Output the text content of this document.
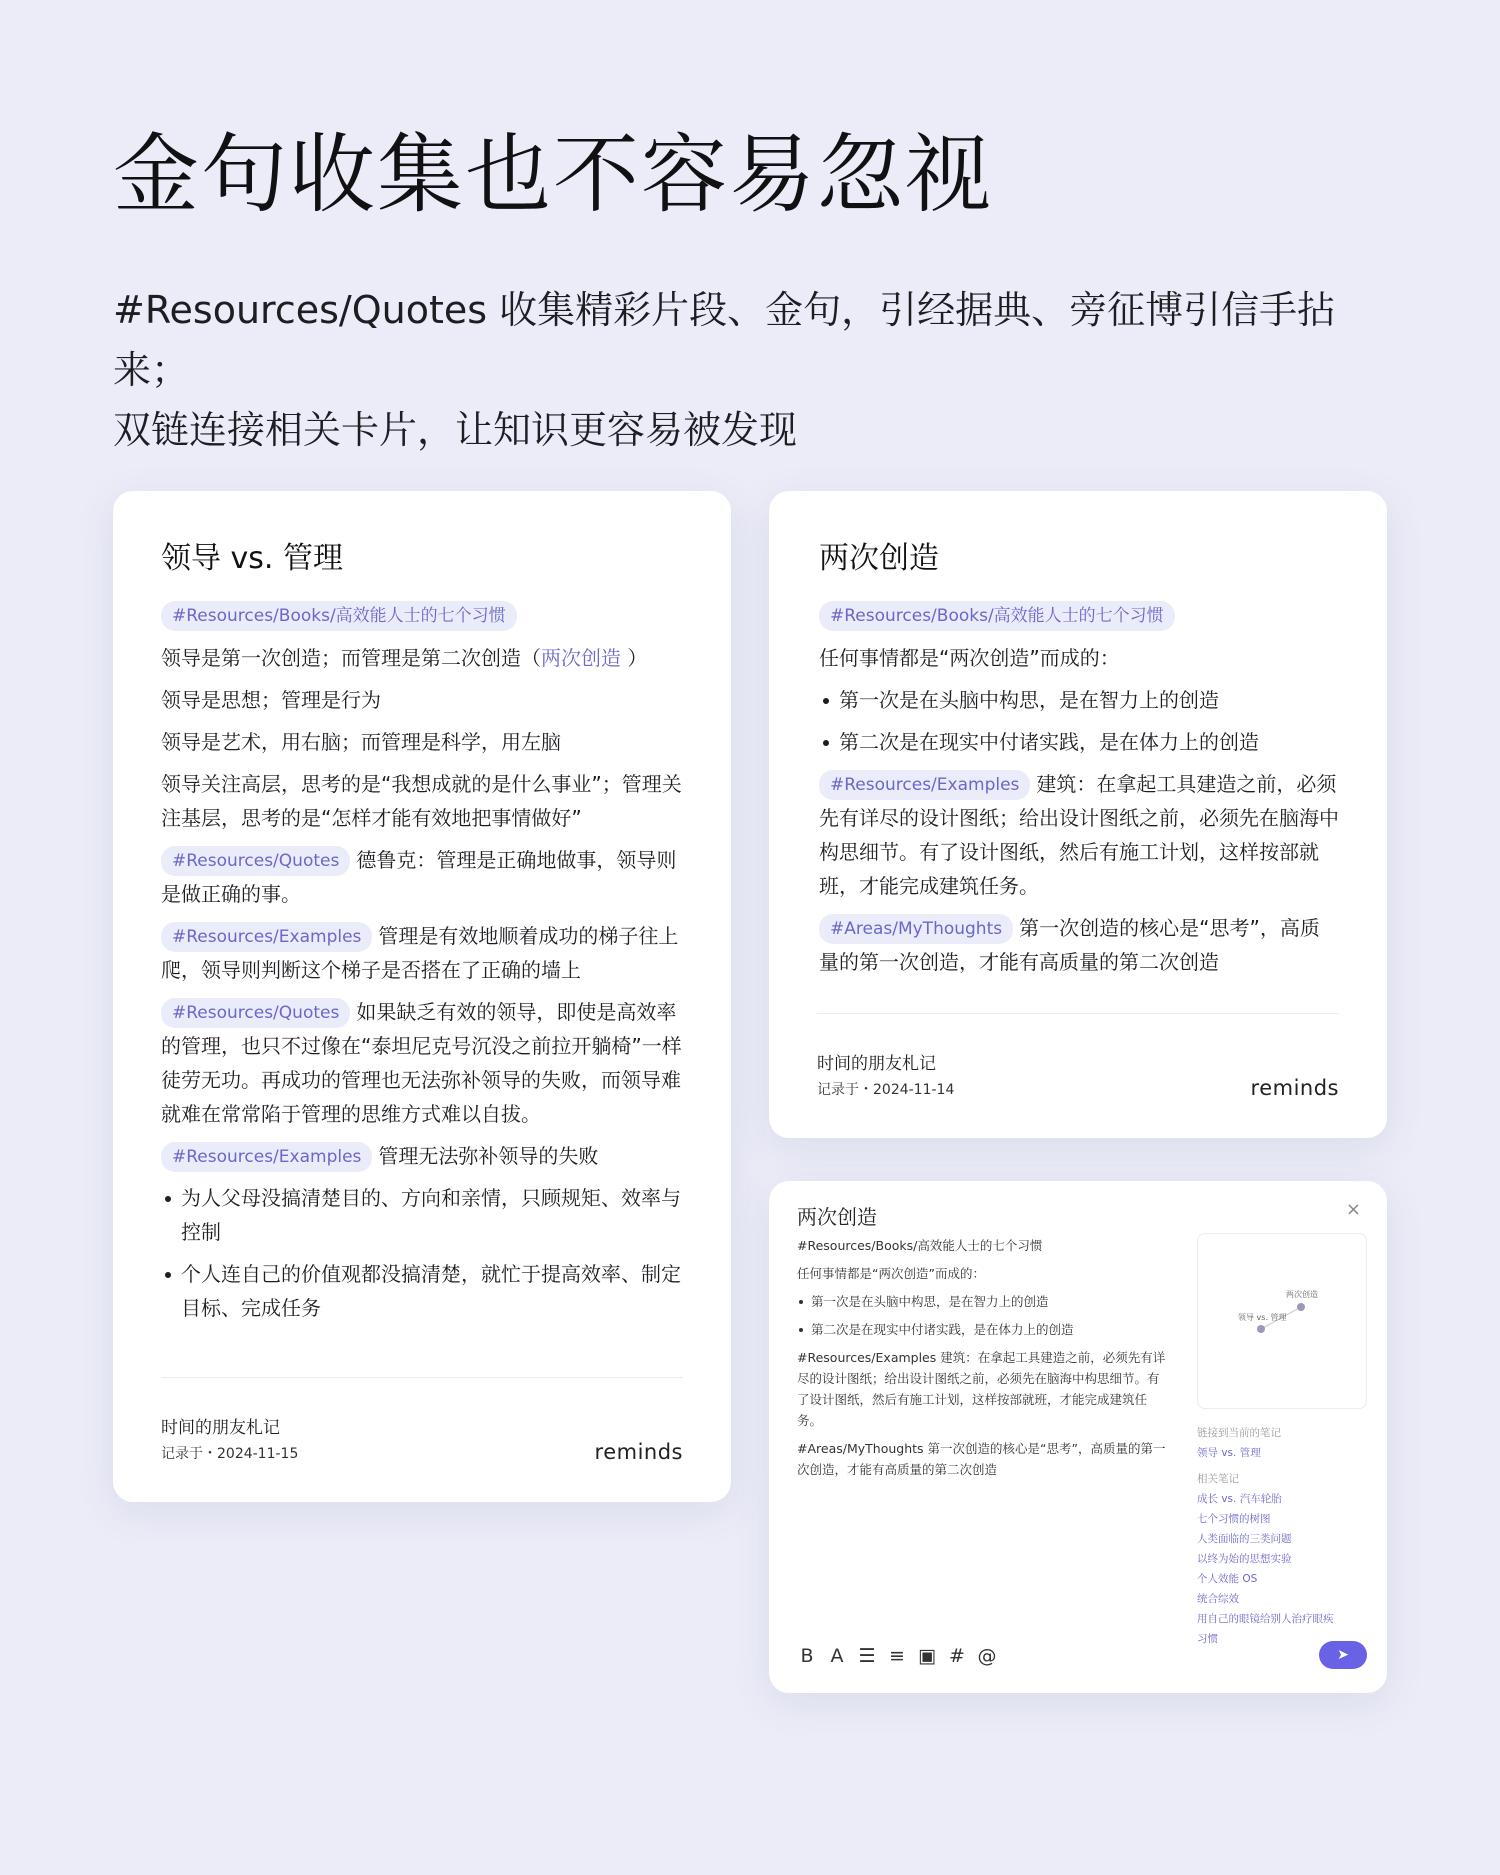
金句收集也不容易忽视
#Resources/Quotes 收集精彩片段、金句，引经据典、旁征博引信手拈来；
双链连接相关卡片，让知识更容易被发现
领导 vs. 管理
#Resources/Books/高效能人士的七个习惯

领导是第一次创造；而管理是第二次创造（两次创造 ）

领导是思想；管理是行为

领导是艺术，用右脑；而管理是科学，用左脑

领导关注高层，思考的是“我想成就的是什么事业”；管理关注基层，思考的是“怎样才能有效地把事情做好”

#Resources/Quotes 德鲁克：管理是正确地做事，领导则是做正确的事。

#Resources/Examples 管理是有效地顺着成功的梯子往上爬，领导则判断这个梯子是否搭在了正确的墙上

#Resources/Quotes 如果缺乏有效的领导，即使是高效率的管理，也只不过像在“泰坦尼克号沉没之前拉开躺椅”一样徒劳无功。再成功的管理也无法弥补领导的失败，而领导难就难在常常陷于管理的思维方式难以自拔。

#Resources/Examples 管理无法弥补领导的失败

为人父母没搞清楚目的、方向和亲情，只顾规矩、效率与控制
个人连自己的价值观都没搞清楚，就忙于提高效率、制定目标、完成任务
时间的朋友札记
记录于・2024-11-15	reminds
两次创造
#Resources/Books/高效能人士的七个习惯

任何事情都是“两次创造”而成的：

第一次是在头脑中构思，是在智力上的创造
第二次是在现实中付诸实践，是在体力上的创造

#Resources/Examples 建筑：在拿起工具建造之前，必须先有详尽的设计图纸；给出设计图纸之前，必须先在脑海中构思细节。有了设计图纸，然后有施工计划，这样按部就班，才能完成建筑任务。

#Areas/MyThoughts 第一次创造的核心是“思考”，高质量的第一次创造，才能有高质量的第二次创造

时间的朋友札记
记录于・2024-11-14	reminds
两次创造	×

#Resources/Books/高效能人士的七个习惯

任何事情都是“两次创造”而成的：

第一次是在头脑中构思，是在智力上的创造
第二次是在现实中付诸实践，是在体力上的创造

#Resources/Examples 建筑：在拿起工具建造之前，必须先有详尽的设计图纸；给出设计图纸之前，必须先在脑海中构思细节。有了设计图纸，然后有施工计划，这样按部就班，才能完成建筑任务。

#Areas/MyThoughts 第一次创造的核心是“思考”，高质量的第一次创造，才能有高质量的第二次创造

两次创造
领导 vs. 管理
链接到当前的笔记
领导 vs. 管理
相关笔记
成长 vs. 汽车轮胎
七个习惯的树图
人类面临的三类问题
以终为始的思想实验
个人效能 OS
统合综效
用自己的眼镜给别人治疗眼疾
习惯
B A ☰ ≡ ▣ # @	➤
